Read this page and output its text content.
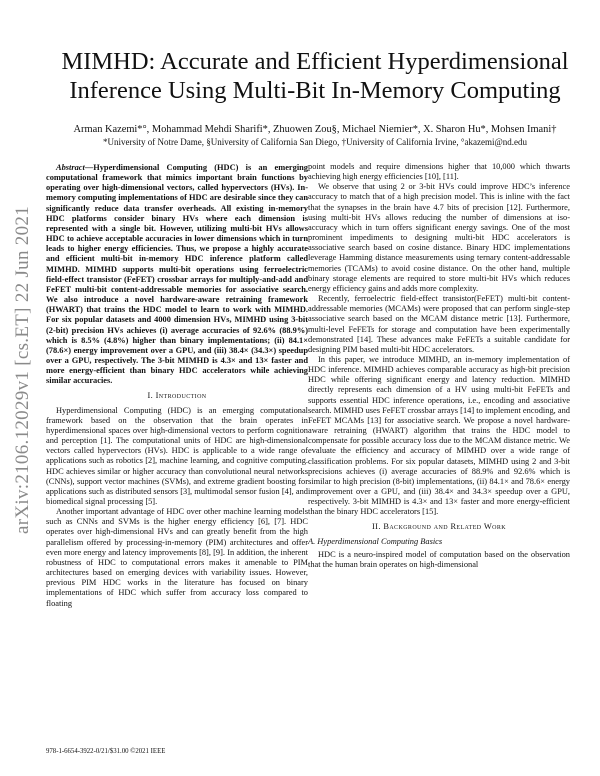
arXiv:2106.12029v1 [cs.ET] 22 Jun 2021
MIMHD: Accurate and Efficient Hyperdimensional
Inference Using Multi-Bit In-Memory Computing
Arman Kazemi*°, Mohammad Mehdi Sharifi*, Zhuowen Zou§, Michael Niemier*, X. Sharon Hu*, Mohsen Imani†
*University of Notre Dame, §University of California San Diego, †University of California Irvine, °akazemi@nd.edu

Abstract—Hyperdimensional Computing (HDC) is an emerging computational framework that mimics important brain functions by operating over high-dimensional vectors, called hypervectors (HVs). In-memory computing implementations of HDC are desirable since they can significantly reduce data transfer overheads. All existing in-memory HDC platforms consider binary HVs where each dimension is represented with a single bit. However, utilizing multi-bit HVs allows HDC to achieve acceptable accuracies in lower dimensions which in turn leads to higher energy efficiencies. Thus, we propose a highly accurate and efficient multi-bit in-memory HDC inference platform called MIMHD. MIMHD supports multi-bit operations using ferroelectric field-effect transistor (FeFET) crossbar arrays for multiply-and-add and FeFET multi-bit content-addressable memories for associative search. We also introduce a novel hardware-aware retraining framework (HWART) that trains the HDC model to learn to work with MIMHD. For six popular datasets and 4000 dimension HVs, MIMHD using 3-bit (2-bit) precision HVs achieves (i) average accuracies of 92.6% (88.9%) which is 8.5% (4.8%) higher than binary implementations; (ii) 84.1× (78.6×) energy improvement over a GPU, and (iii) 38.4× (34.3×) speedup over a GPU, respectively. The 3-bit MIMHD is 4.3× and 13× faster and more energy-efficient than binary HDC accelerators while achieving similar accuracies.

I. Introduction

Hyperdimensional Computing (HDC) is an emerging computational framework based on the observation that the brain operates in hyperdimensional spaces over high-dimensional vectors to perform cognition and perception [1]. The computational units of HDC are high-dimensional vectors called hypervectors (HVs). HDC is applicable to a wide range of applications such as robotics [2], machine learning, and cognitive computing. HDC achieves similar or higher accuracy than convolutional neural networks (CNNs), support vector machines (SVMs), and extreme gradient boosting for applications such as distributed sensors [3], multimodal sensor fusion [4], and biomedical signal processing [5].

Another important advantage of HDC over other machine learning models such as CNNs and SVMs is the higher energy efficiency [6], [7]. HDC operates over high-dimensional HVs and can greatly benefit from the high parallelism offered by processing-in-memory (PIM) architectures and offer even more energy and latency improvements [8], [9]. In addition, the inherent robustness of HDC to computational errors makes it amenable to PIM architectures based on emerging devices with variability issues. However, previous PIM HDC works in the literature has focused on binary implementations of HDC which suffer from accuracy loss compared to floating

point models and require dimensions higher that 10,000 which thwarts achieving high energy efficiencies [10], [11].

We observe that using 2 or 3-bit HVs could improve HDC’s inference accuracy to match that of a high precision model. This is inline with the fact that the synapses in the brain have 4.7 bits of precision [12]. Furthermore, using multi-bit HVs allows reducing the number of dimensions at iso-accuracy which in turn offers significant energy savings. One of the most prominent impediments to designing multi-bit HDC accelerators is associative search based on cosine distance. Binary HDC implementations leverage Hamming distance measurements using ternary content-addressable memories (TCAMs) to avoid cosine distance. On the other hand, multiple binary storage elements are required to store multi-bit HVs which reduces energy efficiency gains and adds more complexity.

Recently, ferroelectric field-effect transistor(FeFET) multi-bit content-addressable memories (MCAMs) were proposed that can perform single-step associative search based on the MCAM distance metric [13]. Furthermore, multi-level FeFETs for storage and computation have been experimentally demonstrated [14]. These advances make FeFETs a suitable candidate for designing PIM based multi-bit HDC accelerators.

In this paper, we introduce MIMHD, an in-memory implementation of HDC inference. MIMHD achieves comparable accuracy as high-bit precision HDC while offering significant energy and latency reduction. MIMHD directly represents each dimension of a HV using multi-bit FeFETs and supports essential HDC inference operations, i.e., encoding and associative search. MIMHD uses FeFET crossbar arrays [14] to implement encoding, and FeFET MCAMs [13] for associative search. We propose a novel hardware-aware retraining (HWART) algorithm that trains the HDC model to compensate for possible accuracy loss due to the MCAM distance metric. We evaluate the efficiency and accuracy of MIMHD over a wide range of classification problems. For six popular datasets, MIMHD using 2 and 3-bit precisions achieves (i) average accuracies of 88.9% and 92.6% which is similar to high precision (8-bit) implementations, (ii) 84.1× and 78.6× energy improvement over a GPU, and (iii) 38.4× and 34.3× speedup over a GPU, respectively. 3-bit MIMHD is 4.3× and 13× faster and more energy-efficient than the binary HDC accelerators [15].

II. Background and Related Work

A. Hyperdimensional Computing Basics

HDC is a neuro-inspired model of computation based on the observation that the human brain operates on high-dimensional

978-1-6654-3922-0/21/$31.00 ©2021 IEEE
